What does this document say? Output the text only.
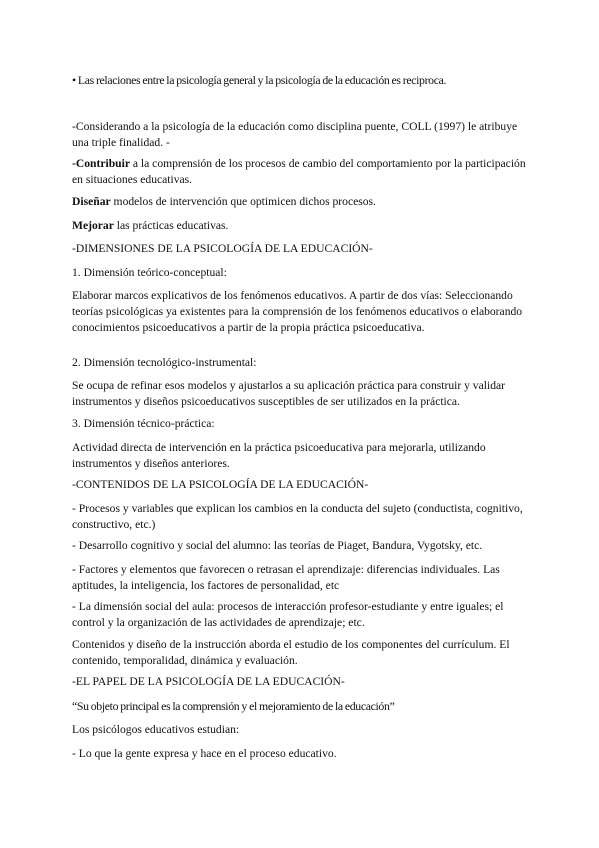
• Las relaciones entre la psicología general y la psicología de la educación es reciproca.

-Considerando a la psicología de la educación como disciplina puente, COLL (1997) le atribuye una triple finalidad. -

-Contribuir a la comprensión de los procesos de cambio del comportamiento por la participación en situaciones educativas.

Diseñar modelos de intervención que optimicen dichos procesos.

Mejorar las prácticas educativas.

-DIMENSIONES DE LA PSICOLOGÍA DE LA EDUCACIÓN-

1. Dimensión teórico-conceptual:

Elaborar marcos explicativos de los fenómenos educativos. A partir de dos vías: Seleccionando teorías psicológicas ya existentes para la comprensión de los fenómenos educativos o elaborando conocimientos psicoeducativos a partir de la propia práctica psicoeducativa.

2. Dimensión tecnológico-instrumental:

Se ocupa de refinar esos modelos y ajustarlos a su aplicación práctica para construir y validar instrumentos y diseños psicoeducativos susceptibles de ser utilizados en la práctica.

3. Dimensión técnico-práctica:

Actividad directa de intervención en la práctica psicoeducativa para mejorarla, utilizando instrumentos y diseños anteriores.

-CONTENIDOS DE LA PSICOLOGÍA DE LA EDUCACIÓN-

- Procesos y variables que explican los cambios en la conducta del sujeto (conductista, cognitivo, constructivo, etc.)

- Desarrollo cognitivo y social del alumno: las teorías de Piaget, Bandura, Vygotsky, etc.

- Factores y elementos que favorecen o retrasan el aprendizaje: diferencias individuales. Las aptitudes, la inteligencia, los factores de personalidad, etc

- La dimensión social del aula: procesos de interacción profesor-estudiante y entre iguales; el control y la organización de las actividades de aprendizaje; etc.

Contenidos y diseño de la instrucción aborda el estudio de los componentes del currículum. El contenido, temporalidad, dinámica y evaluación.

-EL PAPEL DE LA PSICOLOGÍA DE LA EDUCACIÓN-

“Su objeto principal es la comprensión y el mejoramiento de la educación”

Los psicólogos educativos estudian:

- Lo que la gente expresa y hace en el proceso educativo.
